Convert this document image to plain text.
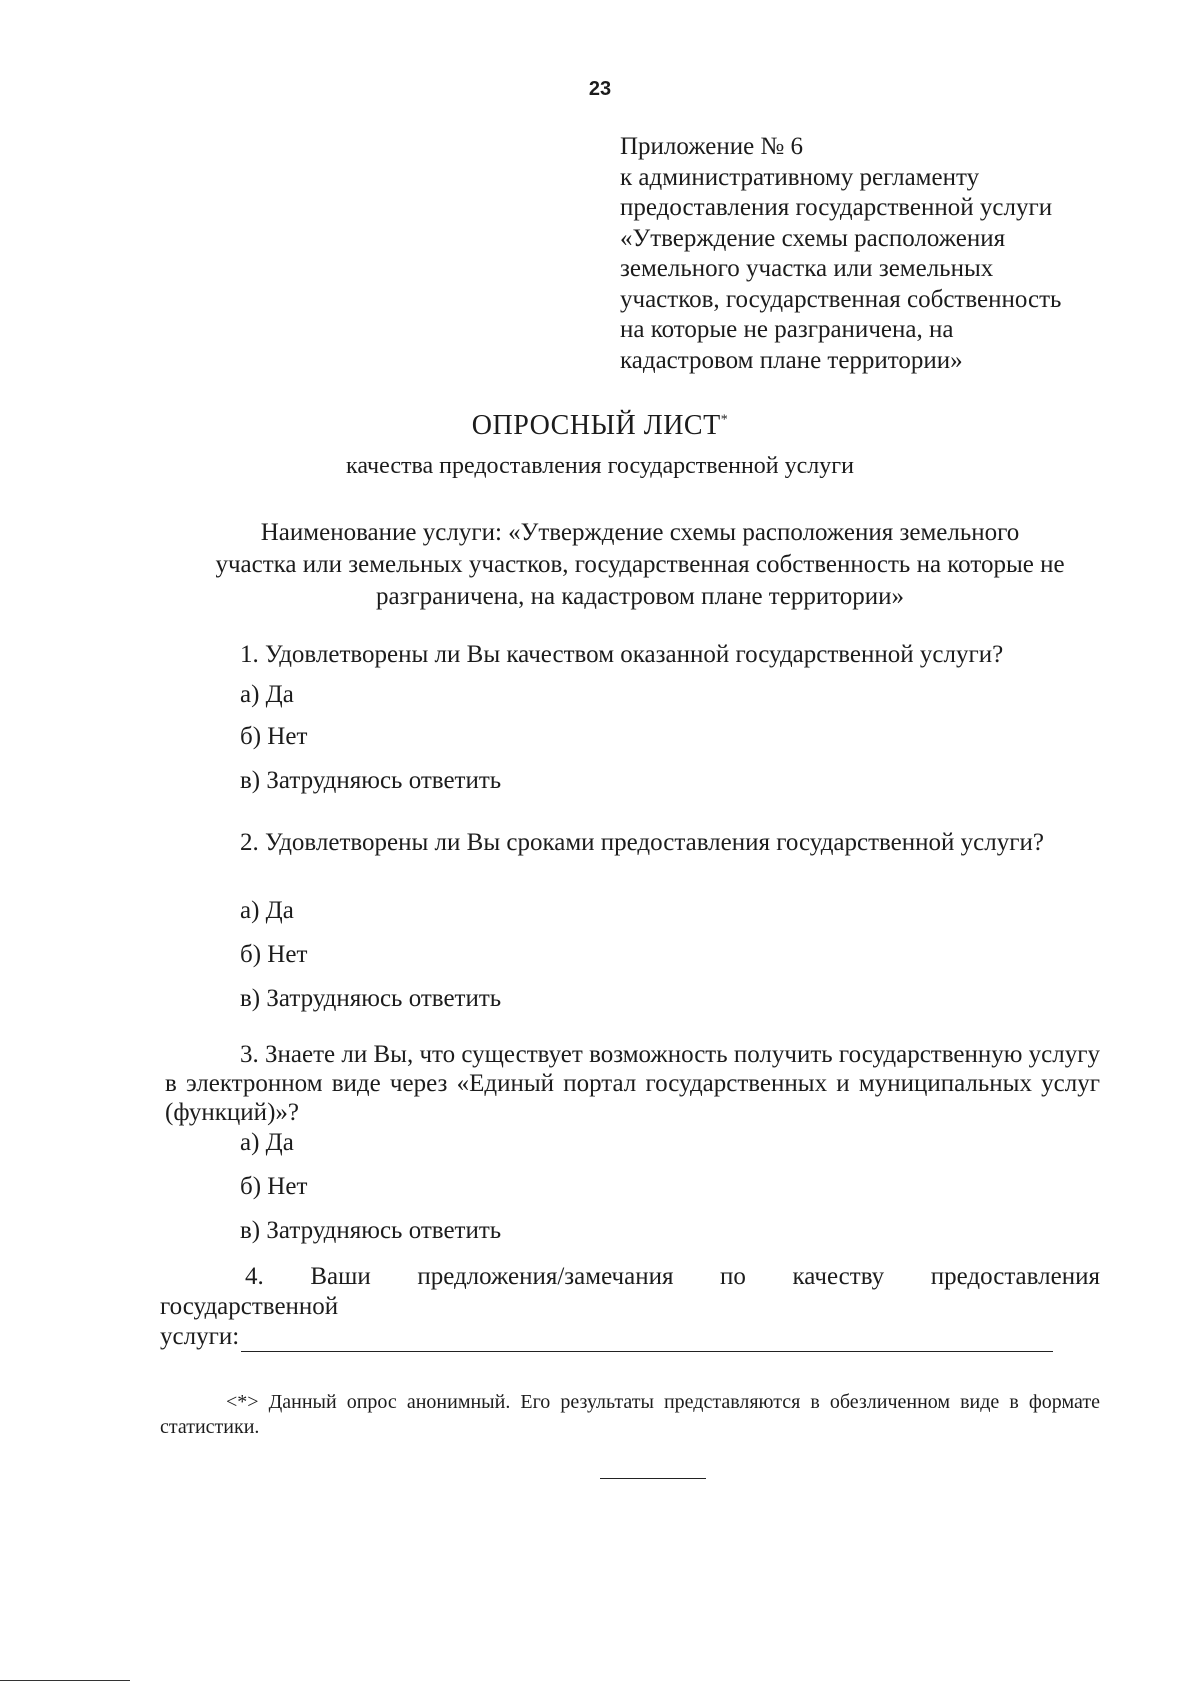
23
Приложение № 6
к административному регламенту
предоставления государственной услуги
«Утверждение схемы расположения
земельного участка или земельных
участков, государственная собственность
на которые не разграничена, на
кадастровом плане территории»
ОПРОСНЫЙ ЛИСТ*
качества предоставления государственной услуги
Наименование услуги: «Утверждение схемы расположения земельного
участка или земельных участков, государственная собственность на которые не
разграничена, на кадастровом плане территории»
1. Удовлетворены ли Вы качеством оказанной государственной услуги?
а) Да
б) Нет
в) Затрудняюсь ответить
2. Удовлетворены ли Вы сроками предоставления государственной услуги?
а) Да
б) Нет
в) Затрудняюсь ответить
3. Знаете ли Вы, что существует возможность получить государственную услугу в электронном виде через «Единый портал государственных и муниципальных услуг (функций)»?
а) Да
б) Нет
в) Затрудняюсь ответить
4. Ваши предложения/замечания по качеству предоставления
государственной
услуги:
<*> Данный опрос анонимный. Его результаты представляются в обезличенном виде в формате статистики.
